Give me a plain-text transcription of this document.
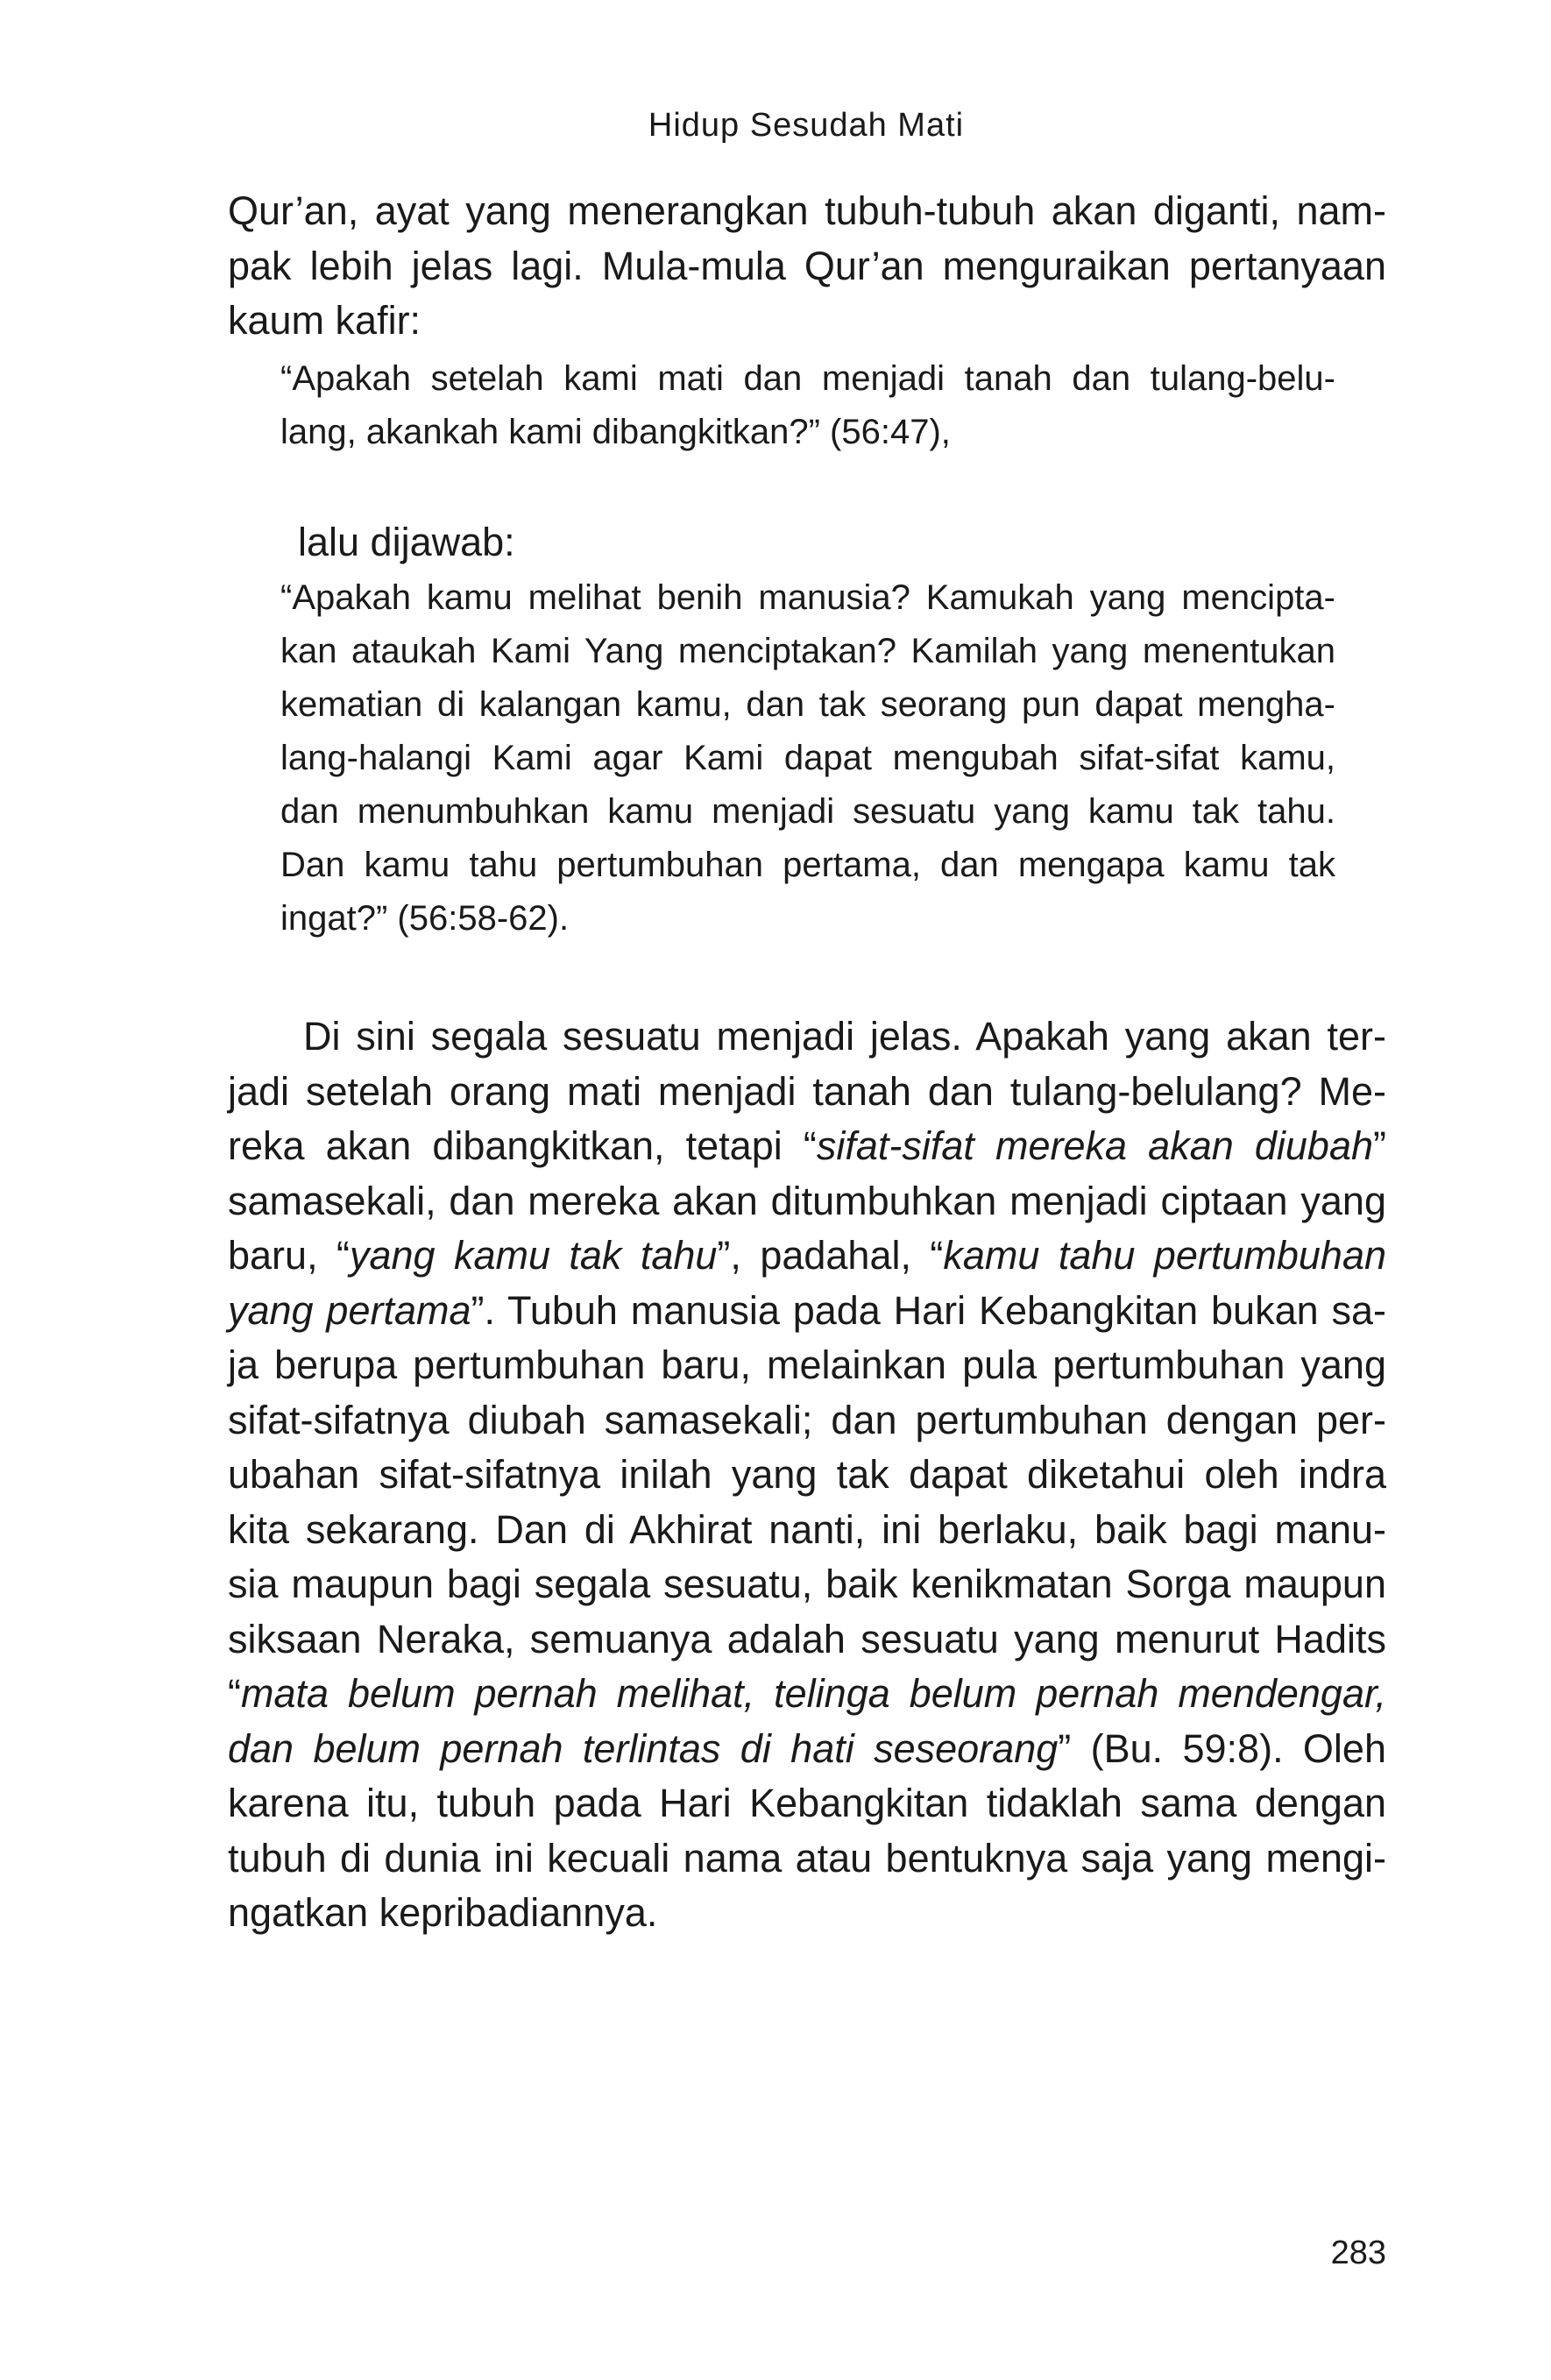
Hidup Sesudah Mati

Qur’an, ayat yang menerangkan tubuh-tubuh akan diganti, nam-
pak lebih jelas lagi. Mula-mula Qur’an menguraikan pertanyaan
kaum kafir:

“Apakah setelah kami mati dan menjadi tanah dan tulang-belu-
lang, akankah kami dibangkitkan?” (56:47),

lalu dijawab:

“Apakah kamu melihat benih manusia? Kamukah yang mencipta-
kan ataukah Kami Yang menciptakan? Kamilah yang menentukan
kematian di kalangan kamu, dan tak seorang pun dapat mengha-
lang-halangi Kami agar Kami dapat mengubah sifat-sifat kamu,
dan menumbuhkan kamu menjadi sesuatu yang kamu tak tahu.
Dan kamu tahu pertumbuhan pertama, dan mengapa kamu tak
ingat?” (56:58-62).

Di sini segala sesuatu menjadi jelas. Apakah yang akan ter-
jadi setelah orang mati menjadi tanah dan tulang-belulang? Me-
reka akan dibangkitkan, tetapi “sifat-sifat mereka akan diubah”
samasekali, dan mereka akan ditumbuhkan menjadi ciptaan yang
baru, “yang kamu tak tahu”, padahal, “kamu tahu pertumbuhan
yang pertama”. Tubuh manusia pada Hari Kebangkitan bukan sa-
ja berupa pertumbuhan baru, melainkan pula pertumbuhan yang
sifat-sifatnya diubah samasekali; dan pertumbuhan dengan per-
ubahan sifat-sifatnya inilah yang tak dapat diketahui oleh indra
kita sekarang. Dan di Akhirat nanti, ini berlaku, baik bagi manu-
sia maupun bagi segala sesuatu, baik kenikmatan Sorga maupun
siksaan Neraka, semuanya adalah sesuatu yang menurut Hadits
“mata belum pernah melihat, telinga belum pernah mendengar,
dan belum pernah terlintas di hati seseorang” (Bu. 59:8). Oleh
karena itu, tubuh pada Hari Kebangkitan tidaklah sama dengan
tubuh di dunia ini kecuali nama atau bentuknya saja yang mengi-
ngatkan kepribadiannya.

283
